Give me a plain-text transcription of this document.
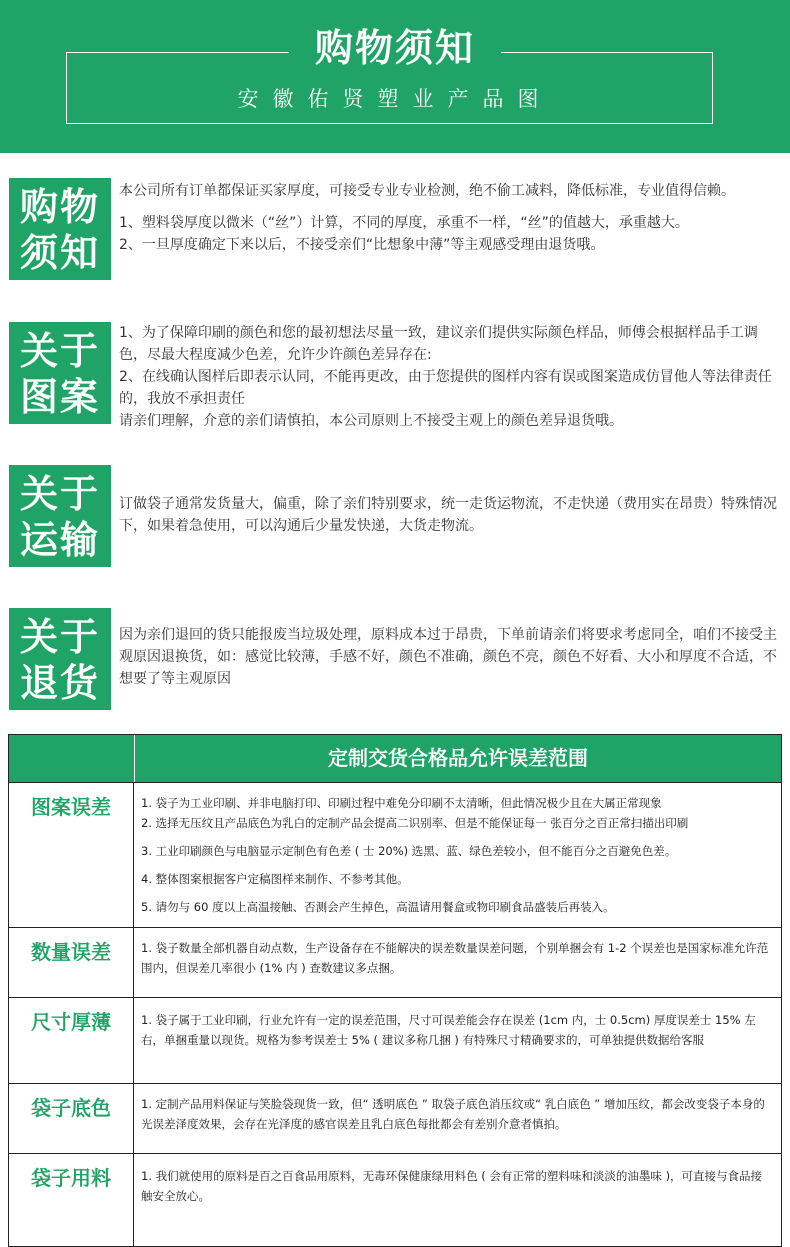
购物须知
安徽佑贤塑业产品图
购物
须知

本公司所有订单都保证买家厚度，可接受专业专业检测，绝不偷工减料，降低标准，专业值得信赖。

1、塑料袋厚度以微米（“丝”）计算，不同的厚度，承重不一样，“丝”的值越大，承重越大。

2、一旦厚度确定下来以后，不接受亲们“比想象中薄”等主观感受理由退货哦。

关于
图案

1、为了保障印刷的颜色和您的最初想法尽量一致，建议亲们提供实际颜色样品，师傅会根据样品手工调色，尽最大程度减少色差，允许少许颜色差异存在:

2、在线确认图样后即表示认同，不能再更改，由于您提供的图样内容有误或图案造成仿冒他人等法律责任的，我放不承担责任

请亲们理解，介意的亲们请慎拍，本公司原则上不接受主观上的颜色差异退货哦。

关于
运输

订做袋子通常发货量大，偏重，除了亲们特别要求，统一走货运物流，不走快递（费用实在昂贵）特殊情况下，如果着急使用，可以沟通后少量发快递，大货走物流。

关于
退货

因为亲们退回的货只能报废当垃圾处理，原料成本过于昂贵，下单前请亲们将要求考虑同全，咱们不接受主观原因退换货，如：感觉比较薄，手感不好，颜色不准确，颜色不亮，颜色不好看、大小和厚度不合适，不想要了等主观原因

定制交货合格品允许误差范围
图案误差	1. 袋子为工业印刷、并非电脑打印、印刷过程中难免分印刷不太清晰，但此情况极少且在大属正常现象

2. 选择无压纹且产品底色为乳白的定制产品会提高二识别率、但是不能保证每一 张百分之百正常扫描出印刷

3. 工业印刷颜色与电脑显示定制色有色差 ( 士 20%) 选黑、蓝、绿色差较小，但不能百分之百避免色差。

4. 整体图案根据客户定稿图样来制作、不参考其他。

5. 请勿与 60 度以上高温接触、否测会产生掉色，高温请用餐盒或物印刷食品盛装后再装入。

数量误差	1. 袋子数量全部机器自动点数，生产设备存在不能解决的误差数量误差问题，个别单捆会有 1-2 个误差也是国家标准允许范围内，但误差几率很小 (1% 内 ) 查数建议多点捆。

尺寸厚薄	1. 袋子属于工业印刷，行业允许有一定的误差范围，尺寸可误差能会存在误差 (1cm 内，士 0.5cm) 厚度误差士 15% 左右，单捆重量以现货。规格为参考误差士 5% ( 建议多称几捆 ) 有特殊尺寸精确要求的，可单独提供数据给客服

袋子底色	1. 定制产品用料保证与笑脸袋现货一致，但“ 透明底色 ” 取袋子底色消压纹或“ 乳白底色 ” 增加压纹，都会改变袋子本身的光误差泽度效果，会存在光泽度的感官误差且乳白底色每批都会有差别介意者慎拍。

袋子用料	1. 我们就使用的原料是百之百食品用原料，无毒环保健康绿用料色 ( 会有正常的塑料味和淡淡的油墨味 )，可直接与食品接触安全放心。
